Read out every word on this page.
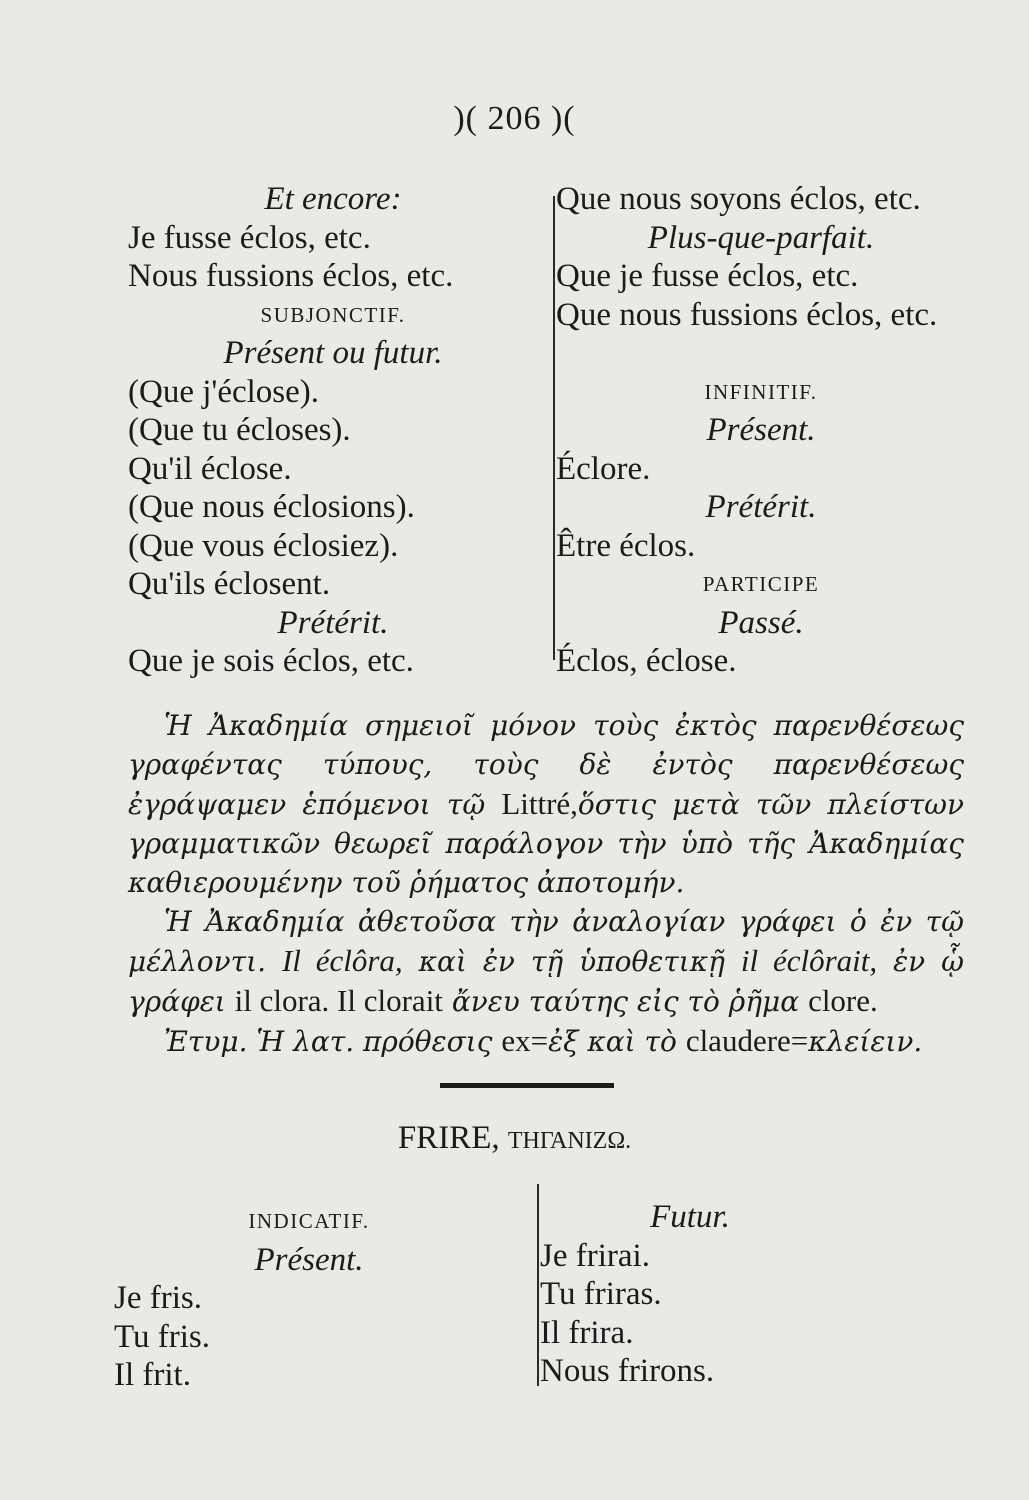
)( 206 )(
Et encore:
Je fusse éclos, etc.
Nous fussions éclos, etc.
SUBJONCTIF.
Présent ou futur.
(Que j'éclose).
(Que tu écloses).
Qu'il éclose.
(Que nous éclosions).
(Que vous éclosiez).
Qu'ils éclosent.
Prétérit.
Que je sois éclos, etc.
Que nous soyons éclos, etc.
Plus-que-parfait.
Que je fusse éclos, etc.
Que nous fussions éclos, etc.
INFINITIF.
Présent.
Éclore.
Prétérit.
Être éclos.
PARTICIPE
Passé.
Éclos, éclose.

Ἡ Ἀκαδημία σημειοῖ μόνον τοὺς ἐκτὸς παρενθέσεως γραφέντας τύπους, τοὺς δὲ ἐντὸς παρενθέσεως ἐγράψαμεν ἑπόμενοι τῷ Littré,ὅστις μετὰ τῶν πλείστων γραμματικῶν θεωρεῖ παράλογον τὴν ὑπὸ τῆς Ἀκαδημίας καθιερουμένην τοῦ ῥήματος ἀποτομήν.

Ἡ Ἀκαδημία ἀθετοῦσα τὴν ἀναλογίαν γράφει ὁ ἐν τῷ μέλλοντι. Il éclôra, καὶ ἐν τῇ ὑποθετικῇ il éclôrait, ἐν ᾧ γράφει il clora. Il clorait ἄνευ ταύτης εἰς τὸ ῥῆμα clore.

Ἐτυμ. Ἡ λατ. πρόθεσις ex=ἐξ καὶ τὸ claudere=κλείειν.

FRIRE, ΤΗΓΑΝΙΖΩ.
INDICATIF.
Présent.
Je fris.
Tu fris.
Il frit.
Futur.
Je frirai.
Tu friras.
Il frira.
Nous frirons.
